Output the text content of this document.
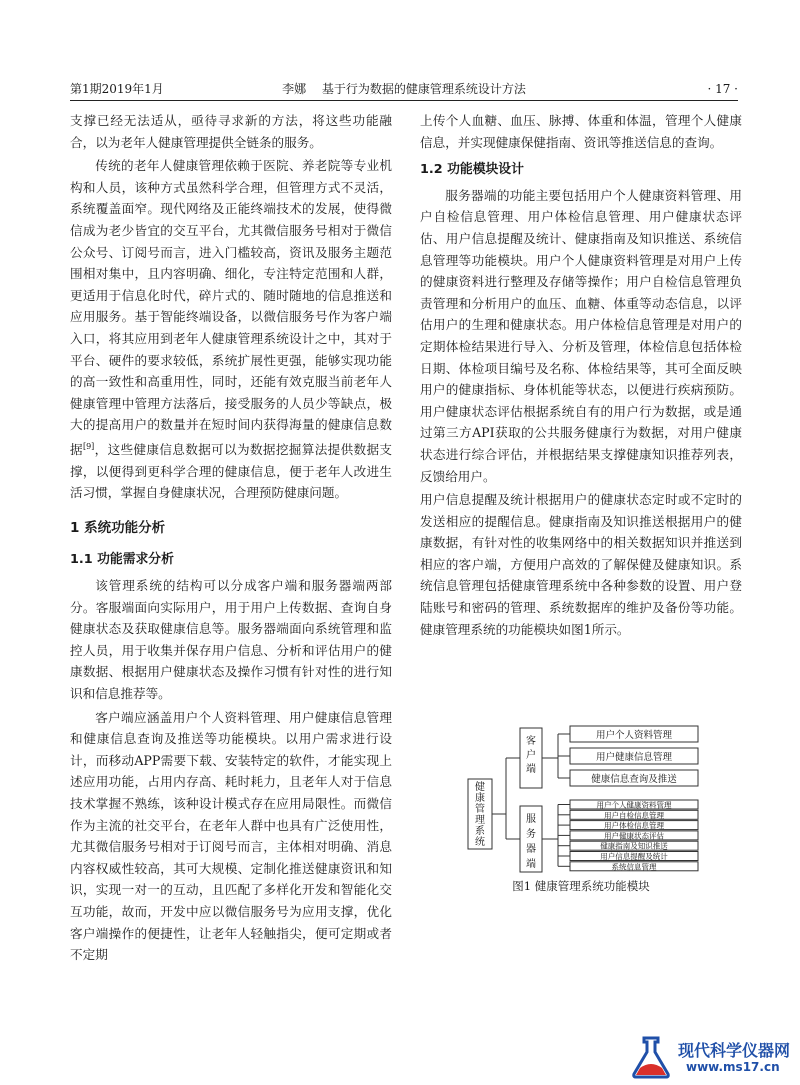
第1期2019年1月	李娜　 基于行为数据的健康管理系统设计方法	· 17 ·

支撑已经无法适从，亟待寻求新的方法，将这些功能融合，以为老年人健康管理提供全链条的服务。

传统的老年人健康管理依赖于医院、养老院等专业机构和人员，该种方式虽然科学合理，但管理方式不灵活，系统覆盖面窄。现代网络及正能终端技术的发展，使得微信成为老少皆宜的交互平台，尤其微信服务号相对于微信公众号、订阅号而言，进入门槛较高，资讯及服务主题范围相对集中，且内容明确、细化，专注特定范围和人群，更适用于信息化时代，碎片式的、随时随地的信息推送和应用服务。基于智能终端设备，以微信服务号作为客户端入口，将其应用到老年人健康管理系统设计之中，其对于平台、硬件的要求较低，系统扩展性更强，能够实现功能的高一致性和高重用性，同时，还能有效克服当前老年人健康管理中管理方法落后，接受服务的人员少等缺点，极大的提高用户的数量并在短时间内获得海量的健康信息数据[9]，这些健康信息数据可以为数据挖掘算法提供数据支撑，以便得到更科学合理的健康信息，便于老年人改进生活习惯，掌握自身健康状况，合理预防健康问题。

1 系统功能分析

1.1 功能需求分析

该管理系统的结构可以分成客户端和服务器端两部分。客服端面向实际用户，用于用户上传数据、查询自身健康状态及获取健康信息等。服务器端面向系统管理和监控人员，用于收集并保存用户信息、分析和评估用户的健康数据、根据用户健康状态及操作习惯有针对性的进行知识和信息推荐等。

客户端应涵盖用户个人资料管理、用户健康信息管理和健康信息查询及推送等功能模块。以用户需求进行设计，而移动APP需要下载、安装特定的软件，才能实现上述应用功能，占用内存高、耗时耗力，且老年人对于信息技术掌握不熟练，该种设计模式存在应用局限性。而微信作为主流的社交平台，在老年人群中也具有广泛使用性，尤其微信服务号相对于订阅号而言，主体相对明确、消息内容权威性较高，其可大规模、定制化推送健康资讯和知识，实现一对一的互动，且匹配了多样化开发和智能化交互功能，故而，开发中应以微信服务号为应用支撑，优化客户端操作的便捷性，让老年人轻触指尖，便可定期或者不定期

上传个人血糖、血压、脉搏、体重和体温，管理个人健康信息，并实现健康保健指南、资讯等推送信息的查询。

1.2 功能模块设计

服务器端的功能主要包括用户个人健康资料管理、用户自检信息管理、用户体检信息管理、用户健康状态评估、用户信息提醒及统计、健康指南及知识推送、系统信息管理等功能模块。用户个人健康资料管理是对用户上传的健康资料进行整理及存储等操作；用户自检信息管理负责管理和分析用户的血压、血糖、体重等动态信息，以评估用户的生理和健康状态。用户体检信息管理是对用户的定期体检结果进行导入、分析及管理，体检信息包括体检日期、体检项目编号及名称、体检结果等，其可全面反映用户的健康指标、身体机能等状态，以便进行疾病预防。用户健康状态评估根据系统自有的用户行为数据，或是通过第三方API获取的公共服务健康行为数据，对用户健康状态进行综合评估，并根据结果支撑健康知识推荐列表，反馈给用户。

用户信息提醒及统计根据用户的健康状态定时或不定时的发送相应的提醒信息。健康指南及知识推送根据用户的健康数据，有针对性的收集网络中的相关数据知识并推送到相应的客户端，方便用户高效的了解保健及健康知识。系统信息管理包括健康管理系统中各种参数的设置、用户登陆账号和密码的管理、系统数据库的维护及备份等功能。健康管理系统的功能模块如图1所示。

健康管理系统
客户端
服务器端
用户个人资料管理
用户健康信息管理
健康信息查询及推送
用户个人健康资料管理
用户自检信息管理
用户体检信息管理
用户健康状态评估
健康指南及知识推送
用户信息提醒及统计
系统信息管理
图1 健康管理系统功能模块
现代科学仪器网
www.ms17.cn
